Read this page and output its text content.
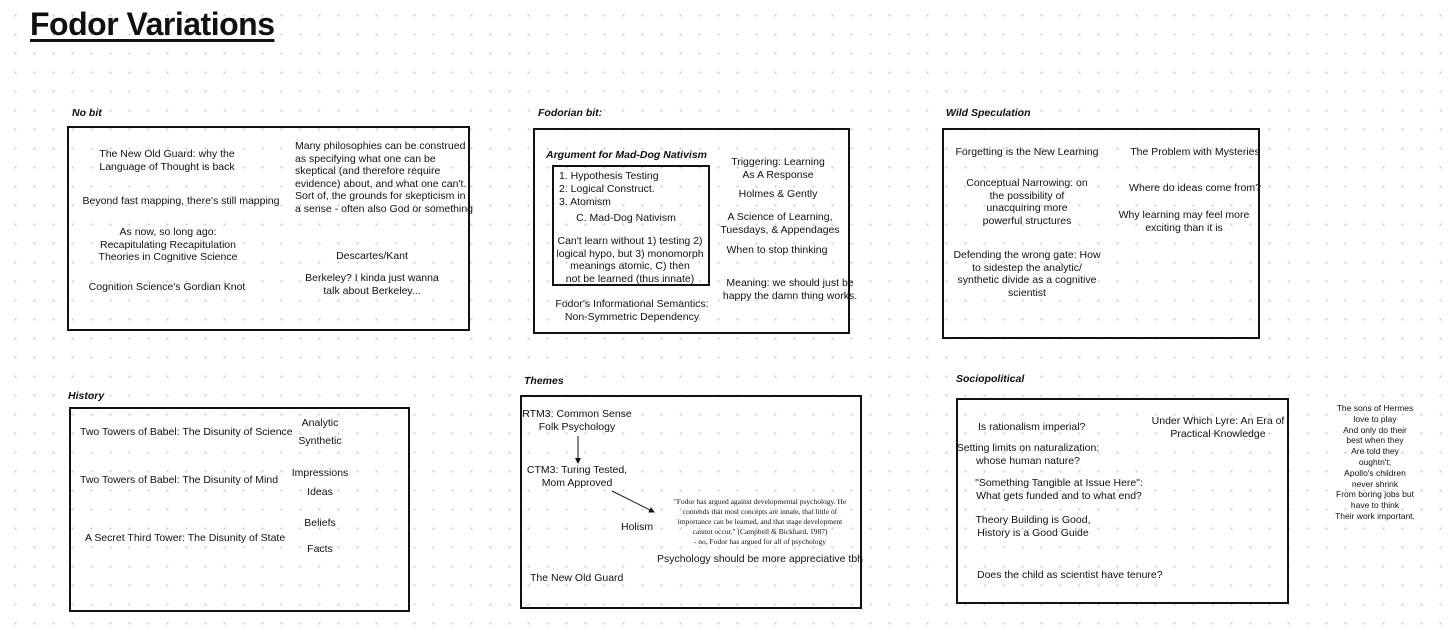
Fodor Variations
No bit
The New Old Guard: why the
Language of Thought is back
Beyond fast mapping, there's still mapping
As now, so long ago:
Recapitulating Recapitulation
Theories in Cognitive Science
Cognition Science's Gordian Knot
Many philosophies can be construed
as specifying what one can be
skeptical (and therefore require
evidence) about, and what one can't.
Sort of, the grounds for skepticism in
a sense - often also God or something
Descartes/Kant
Berkeley? I kinda just wanna
talk about Berkeley...
Fodorian bit:
Argument for Mad-Dog Nativism
1. Hypothesis Testing
2. Logical Construct.
3. Atomism
C. Mad-Dog Nativism
Can't learn without 1) testing 2)
logical hypo, but 3) monomorph
meanings atomic, C) then
not be learned (thus innate)
Fodor's Informational Semantics:
Non-Symmetric Dependency
Triggering: Learning
As A Response
Holmes & Gently
A Science of Learning,
Tuesdays, & Appendages
When to stop thinking
Meaning: we should just be
happy the damn thing works.
Wild Speculation
Forgetting is the New Learning
Conceptual Narrowing: on
the possibility of
unacquiring more
powerful structures
Defending the wrong gate: How
to sidestep the analytic/
synthetic divide as a cognitive
scientist
The Problem with Mysteries
Where do ideas come from?
Why learning may feel more
exciting than it is
History
Two Towers of Babel: The Disunity of Science
Two Towers of Babel: The Disunity of Mind
A Secret Third Tower: The Disunity of State
Analytic
Synthetic
Impressions
Ideas
Beliefs
Facts
Themes
RTM3: Common Sense
Folk Psychology
CTM3: Turing Tested,
Mom Approved
Holism
"Fodor has argued against developmental psychology. He
contends that most concepts are innate, that little of
importance can be learned, and that stage development
cannot occur." (Campbell & Bickhard, 1987)
- no, Fodor has argued for all of psychology
Psychology should be more appreciative tbh
The New Old Guard
Sociopolitical
Is rationalism imperial?
Setting limits on naturalization:
whose human nature?
"Something Tangible at Issue Here":
What gets funded and to what end?
Theory Building is Good,
History is a Good Guide
Does the child as scientist have tenure?
Under Which Lyre: An Era of
Practical Knowledge
The sons of Hermes love to play
And only do their best when they
Are told they oughtn't;
Apollo's children never shrink
From boring jobs but have to think
Their work important.
